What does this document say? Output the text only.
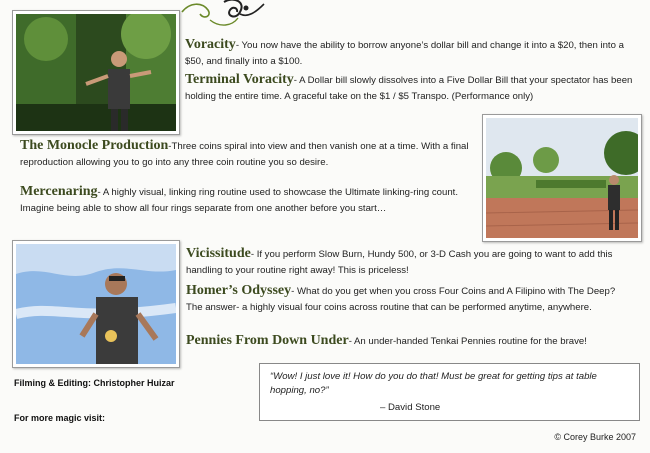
Voracity- You now have the ability to borrow anyone’s dollar bill and change it into a $20, then into a $50, and finally into a $100.
Terminal Voracity- A Dollar bill slowly dissolves into a Five Dollar Bill that your spectator has been holding the entire time. A graceful take on the $1 / $5 Transpo. (Performance only)
The Monocle Production-Three coins spiral into view and then vanish one at a time. With a final reproduction allowing you to go into any three coin routine you so desire.
Mercenaring- A highly visual, linking ring routine used to showcase the Ultimate linking-ring count. Imagine being able to show all four rings separate from one another before you start…
Vicissitude- If you perform Slow Burn, Hundy 500, or 3-D Cash you are going to want to add this handling to your routine right away! This is priceless!
Homer’s Odyssey- What do you get when you cross Four Coins and A Filipino with The Deep? The answer- a highly visual four coins across routine that can be performed anytime, anywhere.
Pennies From Down Under- An under-handed Tenkai Pennies routine for the brave!
Filming & Editing: Christopher Huizar
For more magic visit:
“Wow! I just love it! How do you do that! Must be great for getting tips at table hopping, no?”
– David Stone
© Corey Burke 2007
